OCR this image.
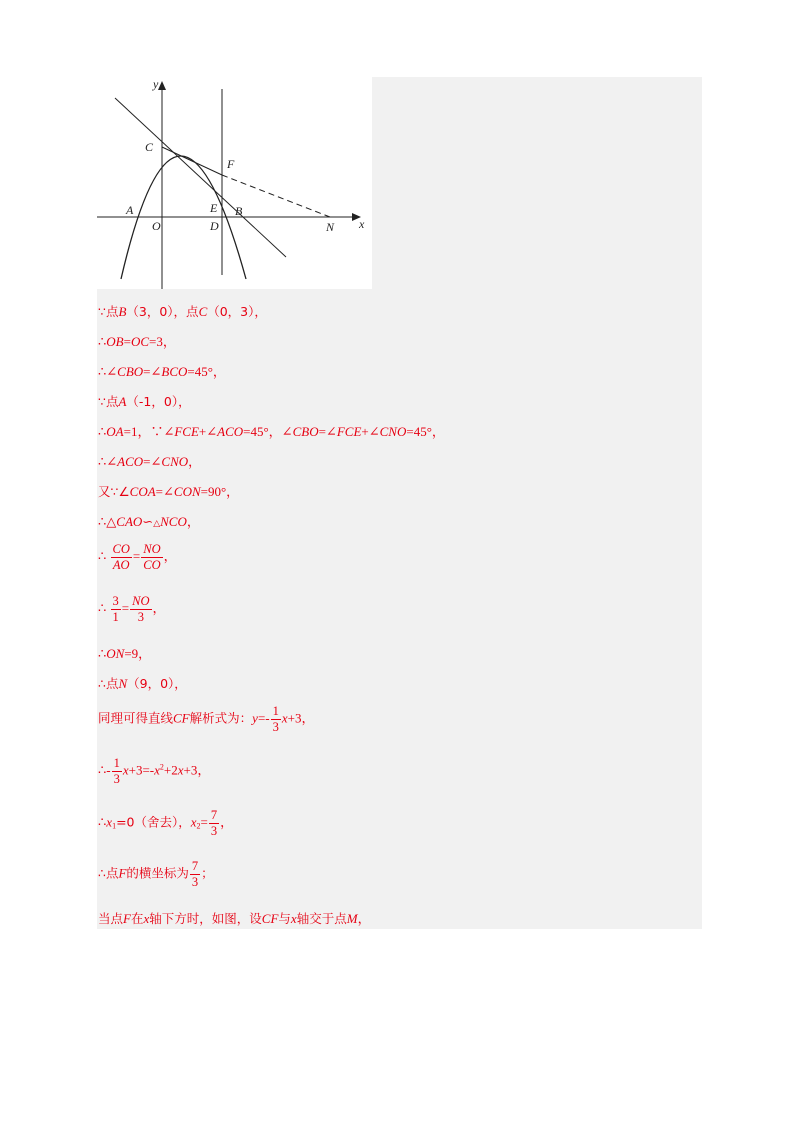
y
x
C
F
A
O
E
D
B
N
∵点B（3，0），点C（0，3），
∴OB=OC=3，
∴∠CBO=∠BCO=45°，
∵点A（-1，0），
∴OA=1，∵∠FCE+∠ACO=45°，∠CBO=∠FCE+∠CNO=45°，
∴∠ACO=∠CNO，
又∵∠COA=∠CON=90°，
∴△CAO∽△NCO，
∴ $\frac{CO}{AO} = \frac{NO}{CO}$ ，
∴ $\frac{3}{1} = \frac{NO}{3}$ ，
∴ON=9，
∴点N（9，0），
同理可得直线CF解析式为：$y=- \frac{1}{3} x+3$，
∴- $\frac{1}{3} x+3=-x^2+2x+3$，
$\therefore x_1=0$（舍去），$x_2= \frac{7}{3}$ ，
∴点F的横坐标为 $\frac{7}{3}$ ；
当点F在x轴下方时，如图，设CF与x轴交于点M，
